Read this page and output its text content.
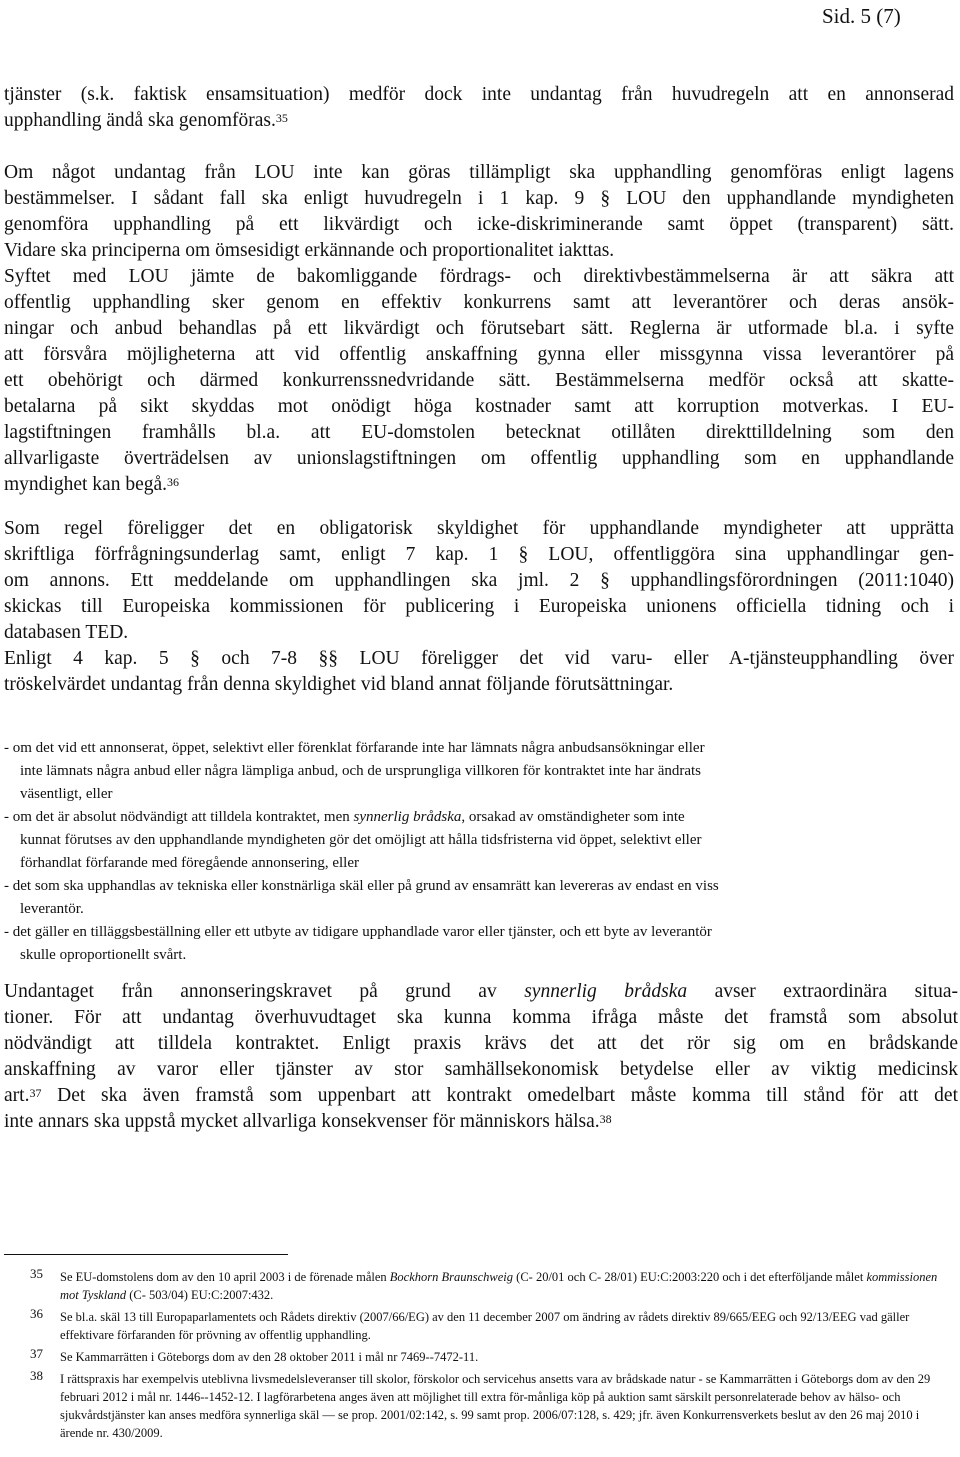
Sid. 5 (7)

tjänster (s.k. faktisk ensamsituation) medför dock inte undantag från huvudregeln att en annonserad
upphandling ändå ska genomföras.$^{35}$

Om något undantag från LOU inte kan göras tillämpligt ska upphandling genomföras enligt lagens
bestämmelser. I sådant fall ska enligt huvudregeln i 1 kap. 9 § LOU den upphandlande myndigheten
genomföra upphandling på ett likvärdigt och icke-diskriminerande samt öppet (transparent) sätt.
Vidare ska principerna om ömsesidigt erkännande och proportionalitet iakttas.
Syftet med LOU jämte de bakomliggande fördrags- och direktivbestämmelserna är att säkra att
offentlig upphandling sker genom en effektiv konkurrens samt att leverantörer och deras ansök-
ningar och anbud behandlas på ett likvärdigt och förutsebart sätt. Reglerna är utformade bl.a. i syfte
att försvåra möjligheterna att vid offentlig anskaffning gynna eller missgynna vissa leverantörer på
ett obehörigt och därmed konkurrenssnedvridande sätt. Bestämmelserna medför också att skatte-
betalarna på sikt skyddas mot onödigt höga kostnader samt att korruption motverkas. I EU-
lagstiftningen framhålls bl.a. att EU-domstolen betecknat otillåten direkttilldelning som den
allvarligaste överträdelsen av unionslagstiftningen om offentlig upphandling som en upphandlande
myndighet kan begå.$^{36}$

Som regel föreligger det en obligatorisk skyldighet för upphandlande myndigheter att upprätta
skriftliga förfrågningsunderlag samt, enligt 7 kap. 1 § LOU, offentliggöra sina upphandlingar gen-
om annons. Ett meddelande om upphandlingen ska jml. 2 § upphandlingsförordningen (2011:1040)
skickas till Europeiska kommissionen för publicering i Europeiska unionens officiella tidning och i
databasen TED.
Enligt 4 kap. 5 § och 7-8 §§ LOU föreligger det vid varu- eller A-tjänsteupphandling över
tröskelvärdet undantag från denna skyldighet vid bland annat följande förutsättningar.

- om det vid ett annonserat, öppet, selektivt eller förenklat förfarande inte har lämnats några anbudsansökningar eller
inte lämnats några anbud eller några lämpliga anbud, och de ursprungliga villkoren för kontraktet inte har ändrats
väsentligt, eller
- om det är absolut nödvändigt att tilldela kontraktet, men synnerlig brådska, orsakad av omständigheter som inte
kunnat förutses av den upphandlande myndigheten gör det omöjligt att hålla tidsfristerna vid öppet, selektivt eller
förhandlat förfarande med föregående annonsering, eller
- det som ska upphandlas av tekniska eller konstnärliga skäl eller på grund av ensamrätt kan levereras av endast en viss
leverantör.
- det gäller en tilläggsbeställning eller ett utbyte av tidigare upphandlade varor eller tjänster, och ett byte av leverantör
skulle oproportionellt svårt.
Undantaget från annonseringskravet på grund av synnerlig brådska avser extraordinära situa-
tioner. För att undantag överhuvudtaget ska kunna komma ifråga måste det framstå som absolut
nödvändigt att tilldela kontraktet. Enligt praxis krävs det att det rör sig om en brådskande
anskaffning av varor eller tjänster av stor samhällsekonomisk betydelse eller av viktig medicinsk
art.$^{37}$ Det ska även framstå som uppenbart att kontrakt omedelbart måste komma till stånd för att det
inte annars ska uppstå mycket allvarliga konsekvenser för människors hälsa.$^{38}$
35	Se EU-domstolens dom av den 10 april 2003 i de förenade målen Bockhorn Braunschweig (C- 20/01 och C- 28/01) EU:C:2003:220 och i det efterföljande målet kommissionen mot Tyskland (C- 503/04) EU:C:2007:432.
36	Se bl.a. skäl 13 till Europaparlamentets och Rådets direktiv (2007/66/EG) av den 11 december 2007 om ändring av rådets direktiv 89/665/EEG och 92/13/EEG vad gäller effektivare förfaranden för prövning av offentlig upphandling.
37	Se Kammarrätten i Göteborgs dom av den 28 oktober 2011 i mål nr 7469--7472-11.
38	I rättspraxis har exempelvis uteblivna livsmedelsleveranser till skolor, förskolor och servicehus ansetts vara av brådskade natur - se Kammarrätten i Göteborgs dom av den 29 februari 2012 i mål nr. 1446--1452-12. I lagförarbetena anges även att möjlighet till extra för-månliga köp på auktion samt särskilt personrelaterade behov av hälso- och sjukvårdstjänster kan anses medföra synnerliga skäl — se prop. 2001/02:142, s. 99 samt prop. 2006/07:128, s. 429; jfr. även Konkurrensverkets beslut av den 26 maj 2010 i ärende nr. 430/2009.
